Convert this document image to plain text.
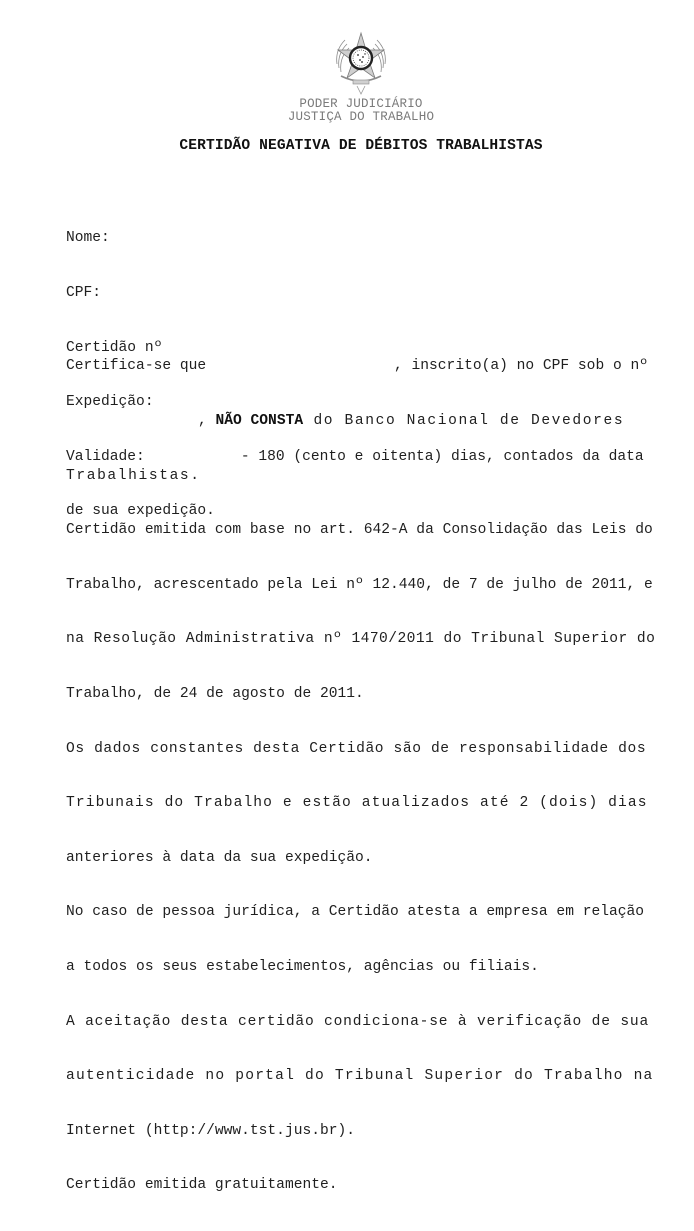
PODER JUDICIÁRIO
JUSTIÇA DO TRABALHO
CERTIDÃO NEGATIVA DE DÉBITOS TRABALHISTAS

Nome:

CPF:

Certidão nº

Expedição:

Validade:	- 180 (cento e oitenta) dias, contados da data

de sua expedição.

Certifica-se que	, inscrito(a) no CPF sob o nº

, NÃO CONSTA do Banco Nacional de Devedores

Trabalhistas.

Certidão emitida com base no art. 642-A da Consolidação das Leis do

Trabalho, acrescentado pela Lei nº 12.440, de 7 de julho de 2011, e

na Resolução Administrativa nº 1470/2011 do Tribunal Superior do

Trabalho, de 24 de agosto de 2011.

Os dados constantes desta Certidão são de responsabilidade dos

Tribunais do Trabalho e estão atualizados até 2 (dois) dias

anteriores à data da sua expedição.

No caso de pessoa jurídica, a Certidão atesta a empresa em relação

a todos os seus estabelecimentos, agências ou filiais.

A aceitação desta certidão condiciona-se à verificação de sua

autenticidade no portal do Tribunal Superior do Trabalho na

Internet (http://www.tst.jus.br).

Certidão emitida gratuitamente.
